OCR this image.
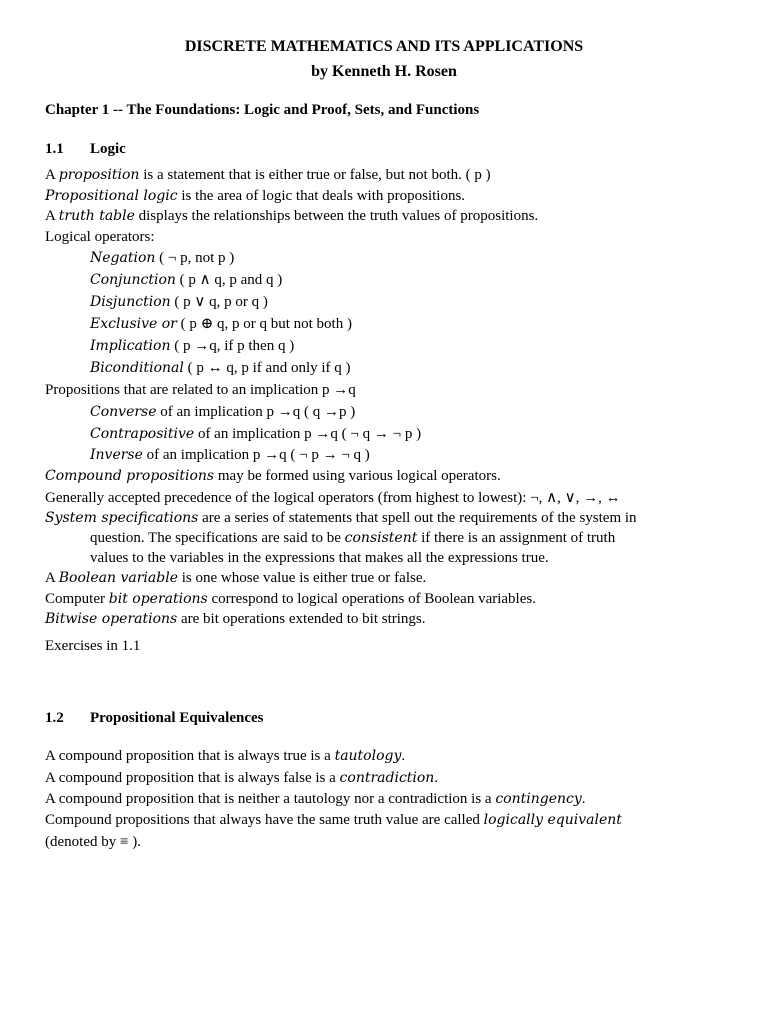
DISCRETE MATHEMATICS AND ITS APPLICATIONS
by Kenneth H. Rosen
Chapter 1 -- The Foundations: Logic and Proof, Sets, and Functions
1.1 Logic
A proposition is a statement that is either true or false, but not both. ( p )
Propositional logic is the area of logic that deals with propositions.
A truth table displays the relationships between the truth values of propositions.
Logical operators:
Negation ( ¬ p, not p )
Conjunction ( p ∧ q, p and q )
Disjunction ( p ∨ q, p or q )
Exclusive or ( p ⊕ q, p or q but not both )
Implication ( p →q, if p then q )
Biconditional ( p ↔ q, p if and only if q )
Propositions that are related to an implication p →q
Converse of an implication p →q ( q →p )
Contrapositive of an implication p →q ( ¬ q → ¬ p )
Inverse of an implication p →q ( ¬ p → ¬ q )
Compound propositions may be formed using various logical operators.
Generally accepted precedence of the logical operators (from highest to lowest): ¬, ∧, ∨, →, ↔
System specifications are a series of statements that spell out the requirements of the system in
question. The specifications are said to be consistent if there is an assignment of truth
values to the variables in the expressions that makes all the expressions true.
A Boolean variable is one whose value is either true or false.
Computer bit operations correspond to logical operations of Boolean variables.
Bitwise operations are bit operations extended to bit strings.
Exercises in 1.1
1.2 Propositional Equivalences
A compound proposition that is always true is a tautology.
A compound proposition that is always false is a contradiction.
A compound proposition that is neither a tautology nor a contradiction is a contingency.
Compound propositions that always have the same truth value are called logically equivalent
(denoted by ≡ ).
